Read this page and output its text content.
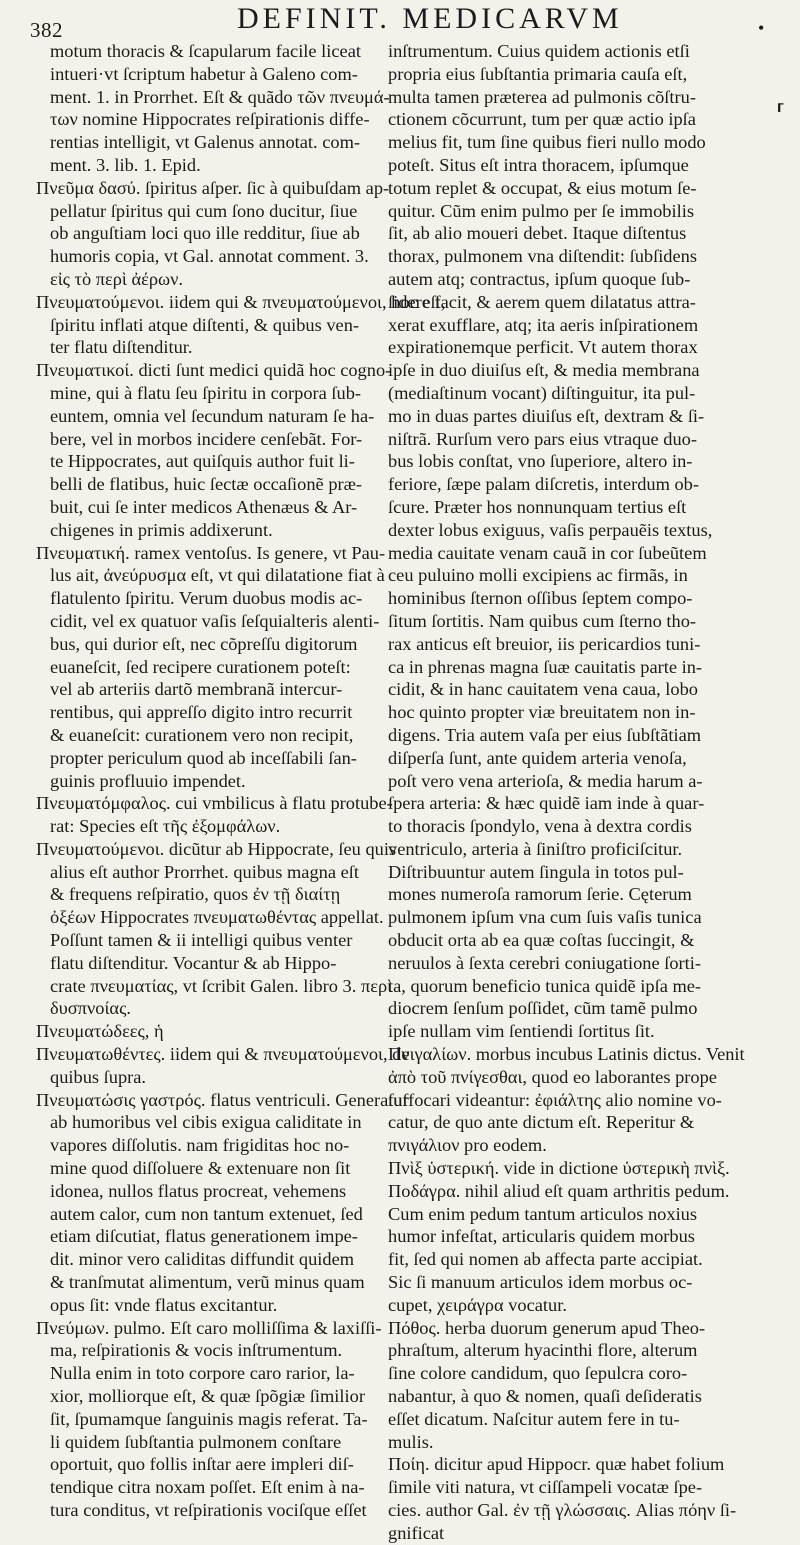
382	DEFINIT. MEDICARVM	•
⸢
motum thoracis & ſcapularum facile liceat
intueri·vt ſcriptum habetur à Galeno com-
ment. 1. in Prorrhet. Eſt & quãdo τῶν πνευμά-
των nomine Hippocrates reſpirationis diffe-
rentias intelligit, vt Galenus annotat. com-
ment. 3. lib. 1. Epid.
Πνεῦμα δασύ. ſpiritus aſper. ſic à quibuſdam ap-
pellatur ſpiritus qui cum ſono ducitur, ſiue
ob anguſtiam loci quo ille redditur, ſiue ab
humoris copia, vt Gal. annotat comment. 3.
εἰς τὸ περὶ ἀέρων.
Πνευματούμενοι. iidem qui & πνευματούμενοι, hoc eſt,
ſpiritu inflati atque diſtenti, & quibus ven-
ter flatu diſtenditur.
Πνευματικοί. dicti ſunt medici quidã hoc cogno-
mine, qui à flatu ſeu ſpiritu in corpora ſub-
euntem, omnia vel ſecundum naturam ſe ha-
bere, vel in morbos incidere cenſebãt. For-
te Hippocrates, aut quiſquis author fuit li-
belli de flatibus, huic ſectæ occaſionẽ præ-
buit, cui ſe inter medicos Athenæus & Ar-
chigenes in primis addixerunt.
Πνευματική. ramex ventoſus. Is genere, vt Pau-
lus ait, ἀνεύρυσμα eſt, vt qui dilatatione fiat à
flatulento ſpiritu. Verum duobus modis ac-
cidit, vel ex quatuor vaſis ſeſquialteris alenti-
bus, qui durior eſt, nec cõpreſſu digitorum
euaneſcit, ſed recipere curationem poteſt:
vel ab arteriis dartõ membranã intercur-
rentibus, qui appreſſo digito intro recurrit
& euaneſcit: curationem vero non recipit,
propter periculum quod ab inceſſabili ſan-
guinis profluuio impendet.
Πνευματόμφαλος. cui vmbilicus à flatu protube-
rat: Species eſt τῆς ἐξομφάλων.
Πνευματούμενοι. dicũtur ab Hippocrate, ſeu quis
alius eſt author Prorrhet. quibus magna eſt
& frequens reſpiratio, quos ἐν τῇ διαίτῃ
ὀξέων Hippocrates πνευματωθέντας appellat.
Poſſunt tamen & ii intelligi quibus venter
flatu diſtenditur. Vocantur & ab Hippo-
crate πνευματίας, vt ſcribit Galen. libro 3. περὶ
δυσπνοίας.
Πνευματώδεες, ἡ
Πνευματωθέντες. iidem qui & πνευματούμενοι, de
quibus ſupra.
Πνευματώσις γαστρός. flatus ventriculi. Generatur
ab humoribus vel cibis exigua caliditate in
vapores diſſolutis. nam frigiditas hoc no-
mine quod diſſoluere & extenuare non ſit
idonea, nullos flatus procreat, vehemens
autem calor, cum non tantum extenuet, ſed
etiam diſcutiat, flatus generationem impe-
dit. minor vero caliditas diffundit quidem
& tranſmutat alimentum, verũ minus quam
opus ſit: vnde flatus excitantur.
Πνεύμων. pulmo. Eſt caro molliſſima & laxiſſi-
ma, reſpirationis & vocis inſtrumentum.
Nulla enim in toto corpore caro rarior, la-
xior, molliorque eſt, & quæ ſpõgiæ ſimilior
ſit, ſpumamque ſanguinis magis referat. Ta-
li quidem ſubſtantia pulmonem conſtare
oportuit, quo follis inſtar aere impleri diſ-
tendique citra noxam poſſet. Eſt enim à na-
tura conditus, vt reſpirationis vociſque eſſet
inſtrumentum. Cuius quidem actionis etſi
propria eius ſubſtantia primaria cauſa eſt,
multa tamen præterea ad pulmonis cõſtru-
ctionem cõcurrunt, tum per quæ actio ipſa
melius fit, tum ſine quibus fieri nullo modo
poteſt. Situs eſt intra thoracem, ipſumque
totum replet & occupat, & eius motum ſe-
quitur. Cũm enim pulmo per ſe immobilis
ſit, ab alio moueri debet. Itaque diſtentus
thorax, pulmonem vna diſtendit: ſubſidens
autem atq; contractus, ipſum quoque ſub-
ſidere facit, & aerem quem dilatatus attra-
xerat exufflare, atq; ita aeris inſpirationem
expirationemque perficit. Vt autem thorax
ipſe in duo diuiſus eſt, & media membrana
(mediaſtinum vocant) diſtinguitur, ita pul-
mo in duas partes diuiſus eſt, dextram & ſi-
niſtrã. Rurſum vero pars eius vtraque duo-
bus lobis conſtat, vno ſuperiore, altero in-
feriore, ſæpe palam diſcretis, interdum ob-
ſcure. Præter hos nonnunquam tertius eſt
dexter lobus exiguus, vaſis perpauẽis textus,
media cauitate venam cauã in cor ſubeũtem
ceu puluino molli excipiens ac firmãs, in
hominibus ſternon oſſibus ſeptem compo-
ſitum ſortitis. Nam quibus cum ſterno tho-
rax anticus eſt breuior, iis pericardios tuni-
ca in phrenas magna ſuæ cauitatis parte in-
cidit, & in hanc cauitatem vena caua, lobo
hoc quinto propter viæ breuitatem non in-
digens. Tria autem vaſa per eius ſubſtãtiam
diſperſa ſunt, ante quidem arteria venoſa,
poſt vero vena arterioſa, & media harum a-
ſpera arteria: & hæc quidẽ iam inde à quar-
to thoracis ſpondylo, vena à dextra cordis
ventriculo, arteria à ſiniſtro proficiſcitur.
Diſtribuuntur autem ſingula in totos pul-
mones numeroſa ramorum ſerie. Cęterum
pulmonem ipſum vna cum ſuis vaſis tunica
obducit orta ab ea quæ coſtas ſuccingit, &
neruulos à ſexta cerebri coniugatione ſorti-
ta, quorum beneficio tunica quidẽ ipſa me-
diocrem ſenſum poſſidet, cũm tamẽ pulmo
ipſe nullam vim ſentiendi ſortitus ſit.
Πνιγαλίων. morbus incubus Latinis dictus. Venit
ἀπὸ τοῦ πνίγεσθαι, quod eo laborantes prope
ſuffocari videantur: ἐφιάλτης alio nomine vo-
catur, de quo ante dictum eſt. Reperitur &
πνιγάλιον pro eodem.
Πνὶξ ὑστερική. vide in dictione ὑστερικὴ πνὶξ.
Ποδάγρα. nihil aliud eſt quam arthritis pedum.
Cum enim pedum tantum articulos noxius
humor infeſtat, articularis quidem morbus
fit, ſed qui nomen ab affecta parte accipiat.
Sic ſi manuum articulos idem morbus oc-
cupet, χειράγρα vocatur.
Πόθος. herba duorum generum apud Theo-
phraſtum, alterum hyacinthi flore, alterum
ſine colore candidum, quo ſepulcra coro-
nabantur, à quo & nomen, quaſi deſideratis
eſſet dicatum. Naſcitur autem fere in tu-
mulis.
Ποίη. dicitur apud Hippocr. quæ habet folium
ſimile viti natura, vt ciſſampeli vocatæ ſpe-
cies. author Gal. ἐν τῇ γλώσσαις. Alias πόην ſi-
gnificat
